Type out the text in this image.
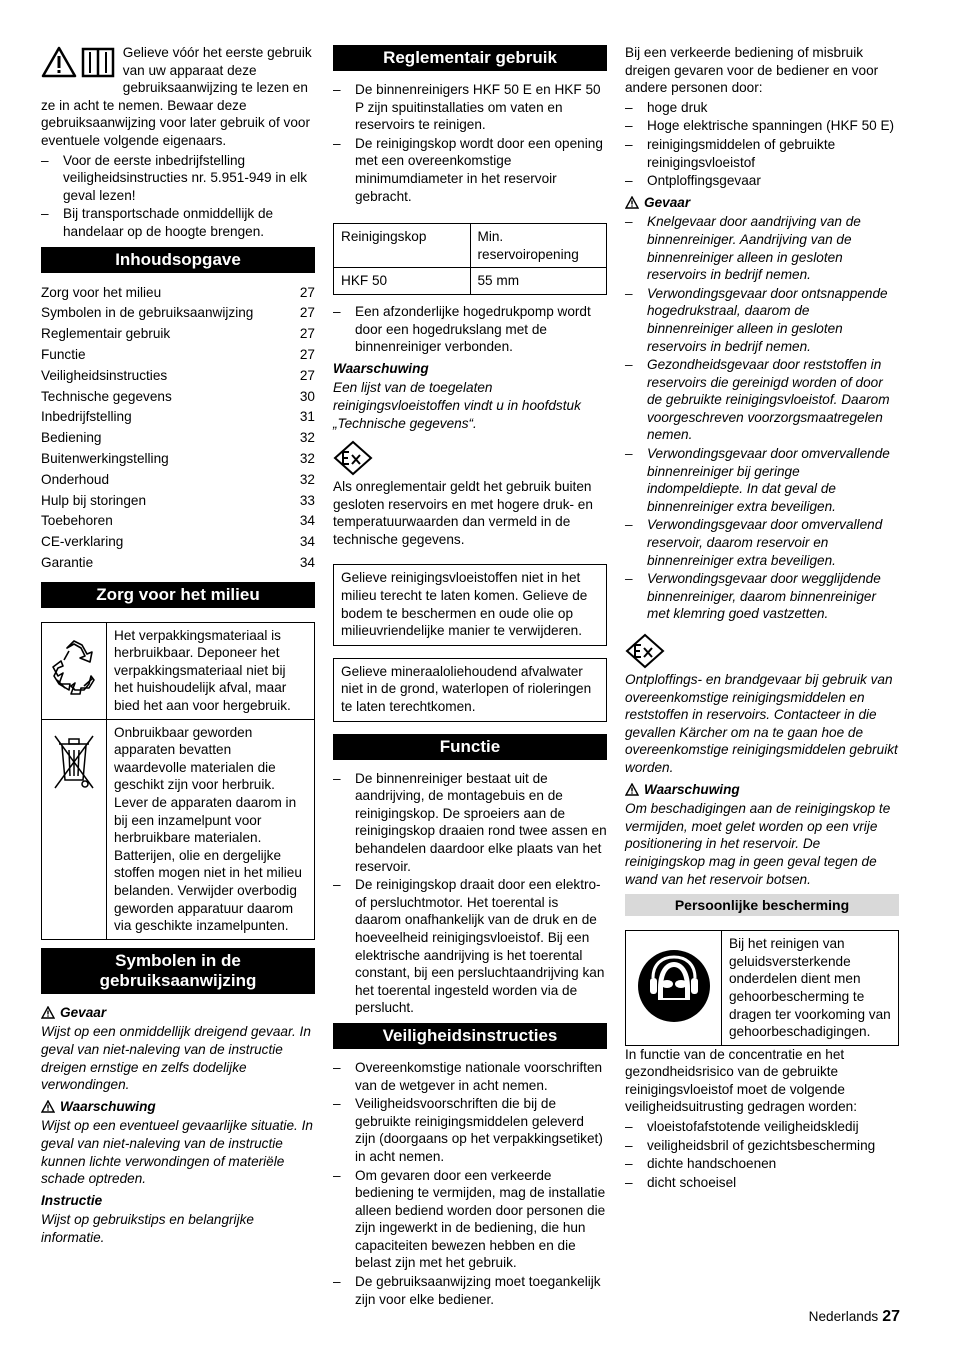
Gelieve vóór het eerste gebruik van uw apparaat deze gebruiksaanwijzing te lezen en ze in acht te nemen. Bewaar deze gebruiksaanwijzing voor later gebruik of voor eventuele volgende eigenaars.

– Voor de eerste inbedrijfstelling veiligheidsinstructies nr. 5.951-949 in elk geval lezen!
– Bij transportschade onmiddellijk de handelaar op de hoogte brengen.
Inhoudsopgave
Zorg voor het milieu	27
Symbolen in de gebruiksaanwijzing	27
Reglementair gebruik	27
Functie	27
Veiligheidsinstructies	27
Technische gegevens	30
Inbedrijfstelling	31
Bediening	32
Buitenwerkingstelling	32
Onderhoud	32
Hulp bij storingen	33
Toebehoren	34
CE-verklaring	34
Garantie	34
Zorg voor het milieu
	Het verpakkingsmateriaal is herbruikbaar. Deponeer het verpakkingsmateriaal niet bij het huishoudelijk afval, maar bied het aan voor hergebruik.
	Onbruikbaar geworden apparaten bevatten waardevolle materialen die geschikt zijn voor herbruik. Lever de apparaten daarom in bij een inzamelpunt voor herbruikbare materialen. Batterijen, olie en dergelijke stoffen mogen niet in het milieu belanden. Verwijder overbodig geworden apparatuur daarom via geschikte inzamelpunten.
Symbolen in de gebruiksaanwijzing

Gevaar

Wijst op een onmiddellijk dreigend gevaar. In geval van niet-naleving van de instructie dreigen ernstige en zelfs dodelijke verwondingen.

Waarschuwing

Wijst op een eventueel gevaarlijke situatie. In geval van niet-naleving van de instructie kunnen lichte verwondingen of materiële schade optreden.

Instructie

Wijst op gebruikstips en belangrijke informatie.

Reglementair gebruik
– De binnenreinigers HKF 50 E en HKF 50 P zijn spuitinstallaties om vaten en reservoirs te reinigen.
– De reinigingskop wordt door een opening met een overeenkomstige minimumdiameter in het reservoir gebracht.
Reinigingskop	Min. reservoiropening
HKF 50	55 mm
– Een afzonderlijke hogedrukpomp wordt door een hogedrukslang met de binnenreiniger verbonden.

Waarschuwing

Een lijst van de toegelaten reinigingsvloeistoffen vindt u in hoofdstuk „Technische gegevens“.

Als onreglementair geldt het gebruik buiten gesloten reservoirs en met hogere druk- en temperatuurwaarden dan vermeld in de technische gegevens.

Gelieve reinigingsvloeistoffen niet in het milieu terecht te laten komen. Gelieve de bodem te beschermen en oude olie op milieuvriendelijke manier te verwijderen.
Gelieve mineraaloliehoudend afvalwater niet in de grond, waterlopen of rioleringen te laten terechtkomen.
Functie
– De binnenreiniger bestaat uit de aandrijving, de montagebuis en de reinigingskop. De sproeiers aan de reinigingskop draaien rond twee assen en behandelen daardoor elke plaats van het reservoir.
– De reinigingskop draait door een elektro- of persluchtmotor. Het toerental is daarom onafhankelijk van de druk en de hoeveelheid reinigingsvloeistof. Bij een elektrische aandrijving is het toerental constant, bij een persluchtaandrijving kan het toerental ingesteld worden via de perslucht.
Veiligheidsinstructies
– Overeenkomstige nationale voorschriften van de wetgever in acht nemen.
– Veiligheidsvoorschriften die bij de gebruikte reinigingsmiddelen geleverd zijn (doorgaans op het verpakkingsetiket) in acht nemen.
– Om gevaren door een verkeerde bediening te vermijden, mag de installatie alleen bediend worden door personen die zijn ingewerkt in de bediening, die hun capaciteiten bewezen hebben en die belast zijn met het gebruik.
– De gebruiksaanwijzing moet toegankelijk zijn voor elke bediener.

Bij een verkeerde bediening of misbruik dreigen gevaren voor de bediener en voor andere personen door:

– hoge druk
– Hoge elektrische spanningen (HKF 50 E)
– reinigingsmiddelen of gebruikte reinigingsvloeistof
– Ontploffingsgevaar

Gevaar

– Knelgevaar door aandrijving van de binnenreiniger. Aandrijving van de binnenreiniger alleen in gesloten reservoirs in bedrijf nemen.
– Verwondingsgevaar door ontsnappende hogedrukstraal, daarom de binnenreiniger alleen in gesloten reservoirs in bedrijf nemen.
– Gezondheidsgevaar door reststoffen in reservoirs die gereinigd worden of door de gebruikte reinigingsvloeistof. Daarom voorgeschreven voorzorgsmaatregelen nemen.
– Verwondingsgevaar door omvervallende binnenreiniger bij geringe indompeldiepte. In dat geval de binnenreiniger extra beveiligen.
– Verwondingsgevaar door omvervallend reservoir, daarom reservoir en binnenreiniger extra beveiligen.
– Verwondingsgevaar door wegglijdende binnenreiniger, daarom binnenreiniger met klemring goed vastzetten.

Ontploffings- en brandgevaar bij gebruik van overeenkomstige reinigingsmiddelen en reststoffen in reservoirs. Contacteer in die gevallen Kärcher om na te gaan hoe de overeenkomstige reinigingsmiddelen gebruikt worden.

Waarschuwing

Om beschadigingen aan de reinigingskop te vermijden, moet gelet worden op een vrije positionering in het reservoir. De reinigingskop mag in geen geval tegen de wand van het reservoir botsen.

Persoonlijke bescherming
	Bij het reinigen van geluidsversterkende onderdelen dient men gehoorbescherming te dragen ter voorkoming van gehoorbeschadigingen.

In functie van de concentratie en het gezondheidsrisico van de gebruikte reinigingsvloeistof moet de volgende veiligheidsuitrusting gedragen worden:

– vloeistofafstotende veiligheidskledij
– veiligheidsbril of gezichtsbescherming
– dichte handschoenen
– dicht schoeisel
Nederlands 27
